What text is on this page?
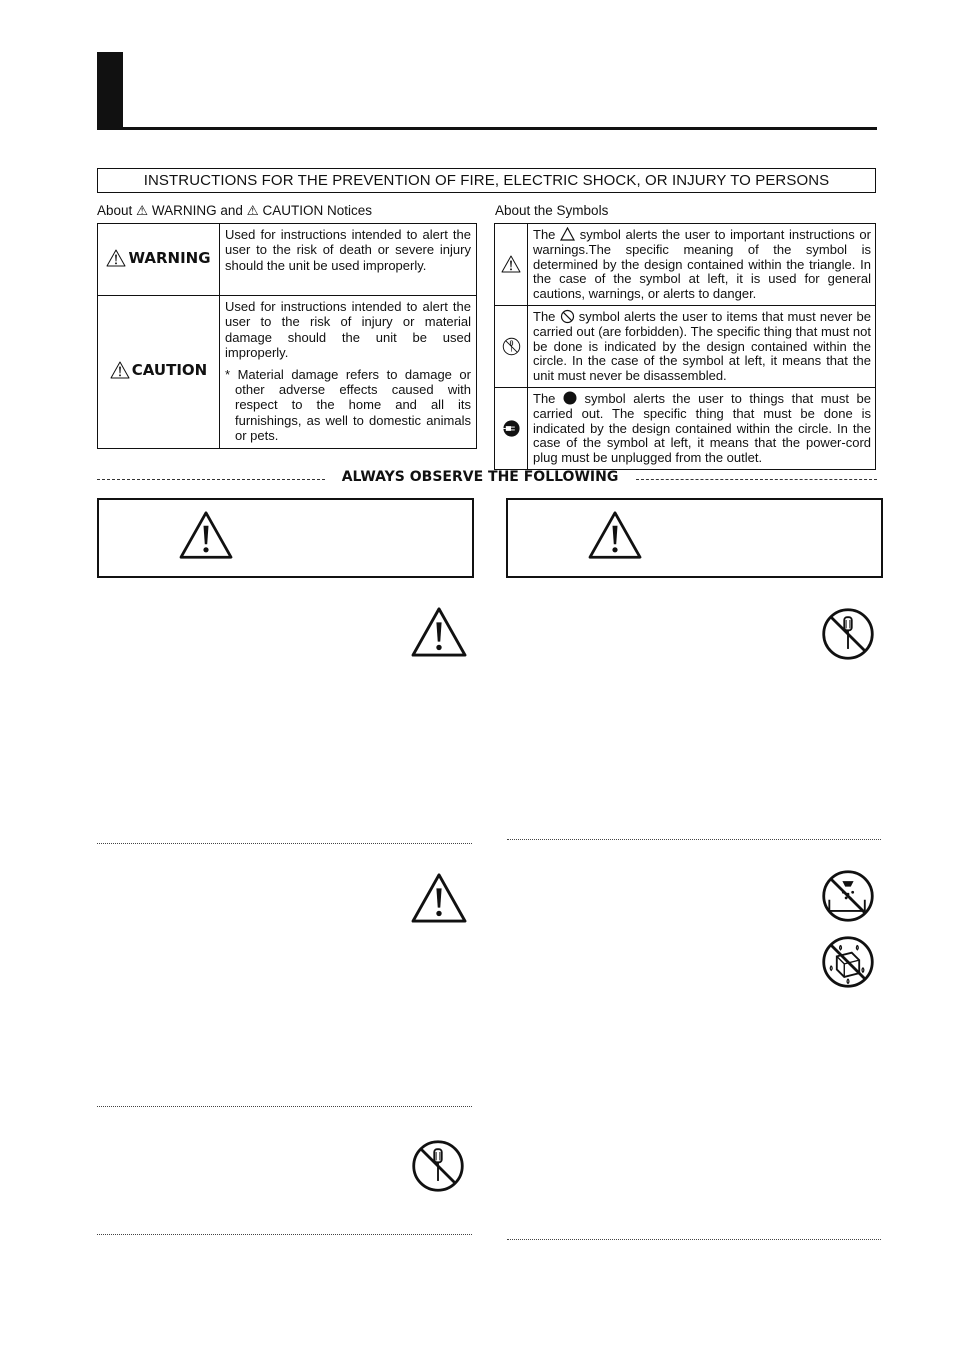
INSTRUCTIONS FOR THE PREVENTION OF FIRE, ELECTRIC SHOCK, OR INJURY TO PERSONS
About ⚠ WARNING and ⚠ CAUTION Notices	About the Symbols
WARNING	Used for instructions intended to alert the user to the risk of death or severe injury should the unit be used improperly.

CAUTION	Used for instructions intended to alert the user to the risk of injury or material damage should the unit be used improperly.
* Material damage refers to damage or other adverse effects caused with respect to the home and all its furnishings, as well to domestic animals or pets.
	The symbol alerts the user to important instructions or warnings.The specific meaning of the symbol is determined by the design contained within the triangle. In the case of the symbol at left, it is used for general cautions, warnings, or alerts to danger.

	The symbol alerts the user to items that must never be carried out (are forbidden). The specific thing that must not be done is indicated by the design contained within the circle. In the case of the symbol at left, it means that the unit must never be disassembled.

	The symbol alerts the user to things that must be carried out. The specific thing that must be done is indicated by the design contained within the circle. In the case of the symbol at left, it means that the power-cord plug must be unplugged from the outlet.
ALWAYS OBSERVE THE FOLLOWING
